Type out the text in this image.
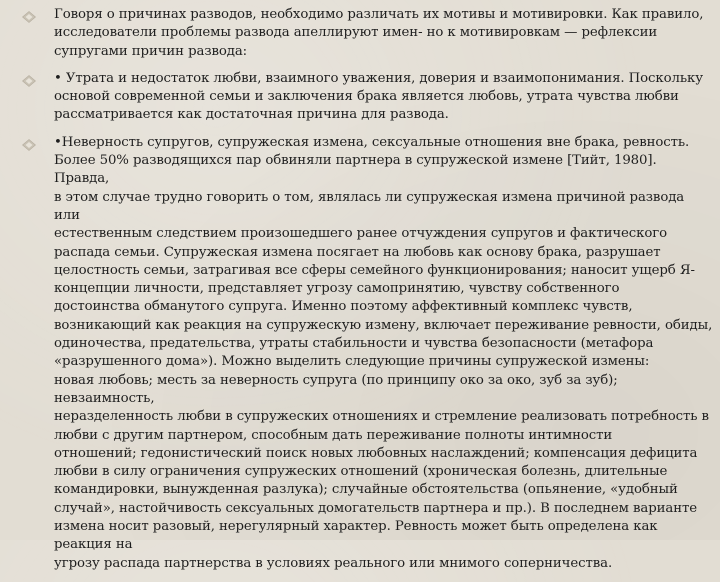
Говоря о причинах разводов, необходимо различать их мотивы и мотивировки. Как правило,
исследователи проблемы развода апеллируют имен- но к мотивировкам — рефлексии
супругами причин развода:
• Утрата и недостаток любви, взаимного уважения, доверия и взаимопонимания. Поскольку
основой современной семьи и заключения брака является любовь, утрата чувства любви
рассматривается как достаточная причина для развода.
•Неверность супругов, супружеская измена, сексуальные отношения вне брака, ревность.
Более 50% разводящихся пар обвиняли партнера в супружеской измене [Тийт, 1980]. Правда,
в этом случае трудно говорить о том, являлась ли супружеская измена причиной развода или
естественным следствием произошедшего ранее отчуждения супругов и фактического
распада семьи. Супружеская измена посягает на любовь как основу брака, разрушает
целостность семьи, затрагивая все сферы семейного функционирования; наносит ущерб Я-
концепции личности, представляет угрозу самопринятию, чувству собственного
достоинства обманутого супруга. Именно поэтому аффективный комплекс чувств,
возникающий как реакция на супружескую измену, включает переживание ревности, обиды,
одиночества, предательства, утраты стабильности и чувства безопасности (метафора
«разрушенного дома»). Можно выделить следующие причины супружеской измены:
новая любовь; месть за неверность супруга (по принципу око за око, зуб за зуб); невзаимность,
неразделенность любви в супружеских отношениях и стремление реализовать потребность в
любви с другим партнером, способным дать переживание полноты интимности
отношений; гедонистический поиск новых любовных наслаждений; компенсация дефицита
любви в силу ограничения супружеских отношений (хроническая болезнь, длительные
командировки, вынужденная разлука); случайные обстоятельства (опьянение, «удобный
случай», настойчивость сексуальных домогательств партнера и пр.). В последнем варианте
измена носит разовый, нерегулярный характер. Ревность может быть определена как реакция на
угрозу распада партнерства в условиях реального или мнимого соперничества.
